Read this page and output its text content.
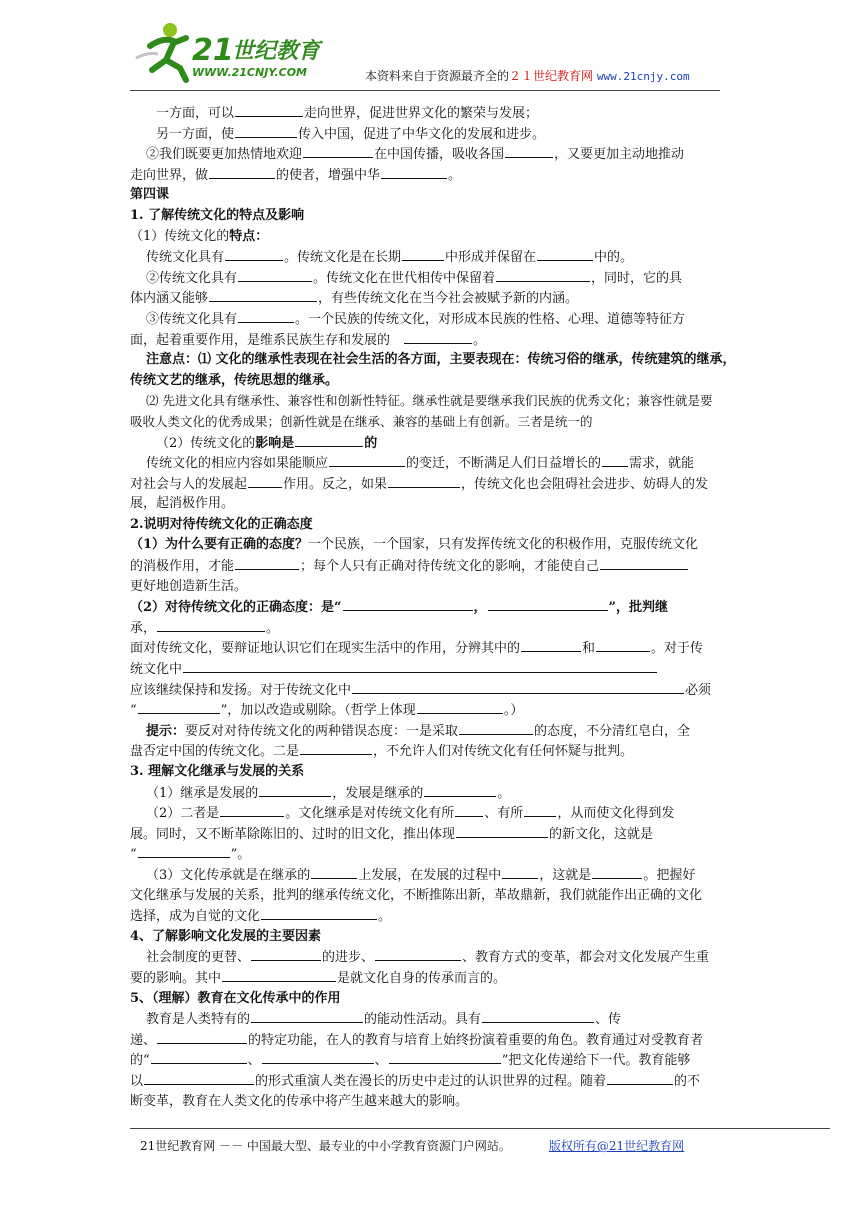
21
世纪教育
WWW.21CNJY.COM	本资料来自于资源最齐全的２１世纪教育网 www.21cnjy.com
一方面，可以	走向世界，促进世界文化的繁荣与发展；
另一方面，使	传入中国，促进了中华文化的发展和进步。
②我们既要更加热情地欢迎	在中国传播，吸收各国	，又要更加主动地推动
走向世界，做	的使者，增强中华	。
第四课
1. 了解传统文化的特点及影响
（1）传统文化的特点：
传统文化具有	。传统文化是在长期	中形成并保留在	中的。
②传统文化具有	。传统文化在世代相传中保留着	，同时，它的具
体内涵又能够	，有些传统文化在当今社会被赋予新的内涵。
③传统文化具有	。一个民族的传统文化，对形成本民族的性格、心理、道德等特征方
面，起着重要作用，是维系民族生存和发展的	。
注意点：⑴ 文化的继承性表现在社会生活的各方面，主要表现在：传统习俗的继承，传统建筑的继承，
传统文艺的继承，传统思想的继承。
⑵ 先进文化具有继承性、兼容性和创新性特征。继承性就是要继承我们民族的优秀文化；兼容性就是要
吸收人类文化的优秀成果；创新性就是在继承、兼容的基础上有创新。三者是统一的
（2）传统文化的影响是	的
传统文化的相应内容如果能顺应	的变迁，不断满足人们日益增长的 需求，就能
对社会与人的发展起	作用。反之，如果	，传统文化也会阻碍社会进步、妨碍人的发
展，起消极作用。
2.说明对待传统文化的正确态度
（1）为什么要有正确的态度？一个民族，一个国家，只有发挥传统文化的积极作用，克服传统文化
的消极作用，才能	；每个人只有正确对待传统文化的影响，才能使自己
更好地创造新生活。
（2）对待传统文化的正确态度：是“	，	”，批判继
承，	。
面对传统文化，要辩证地认识它们在现实生活中的作用，分辨其中的	和	。对于传
统文化中
应该继续保持和发扬。对于传统文化中	必须
“	”，加以改造或剔除。（哲学上体现	。）
提示：要反对对待传统文化的两种错误态度：一是采取	的态度，不分清红皂白，全
盘否定中国的传统文化。二是	，不允许人们对传统文化有任何怀疑与批判。
3. 理解文化继承与发展的关系
（1）继承是发展的	，发展是继承的	。
（2）二者是	。文化继承是对传统文化有所 、有所	，从而使文化得到发
展。同时，又不断革除陈旧的、过时的旧文化，推出体现	的新文化，这就是
“	”。
（3）文化传承就是在继承的	上发展，在发展的过程中	，这就是	。把握好
文化继承与发展的关系，批判的继承传统文化，不断推陈出新，革故鼎新，我们就能作出正确的文化
选择，成为自觉的文化	。
4、了解影响文化发展的主要因素
社会制度的更替、	的进步、	、教育方式的变革，都会对文化发展产生重
要的影响。其中	是就文化自身的传承而言的。
5、（理解）教育在文化传承中的作用
教育是人类特有的	的能动性活动。具有	、传
递、	的特定功能，在人的教育与培育上始终扮演着重要的角色。教育通过对受教育者
的“	、	、	”把文化传递给下一代。教育能够
以	的形式重演人类在漫长的历史中走过的认识世界的过程。随着	的不
断变革，教育在人类文化的传承中将产生越来越大的影响。
21世纪教育网 －－ 中国最大型、最专业的中小学教育资源门户网站。	版权所有@21世纪教育网
